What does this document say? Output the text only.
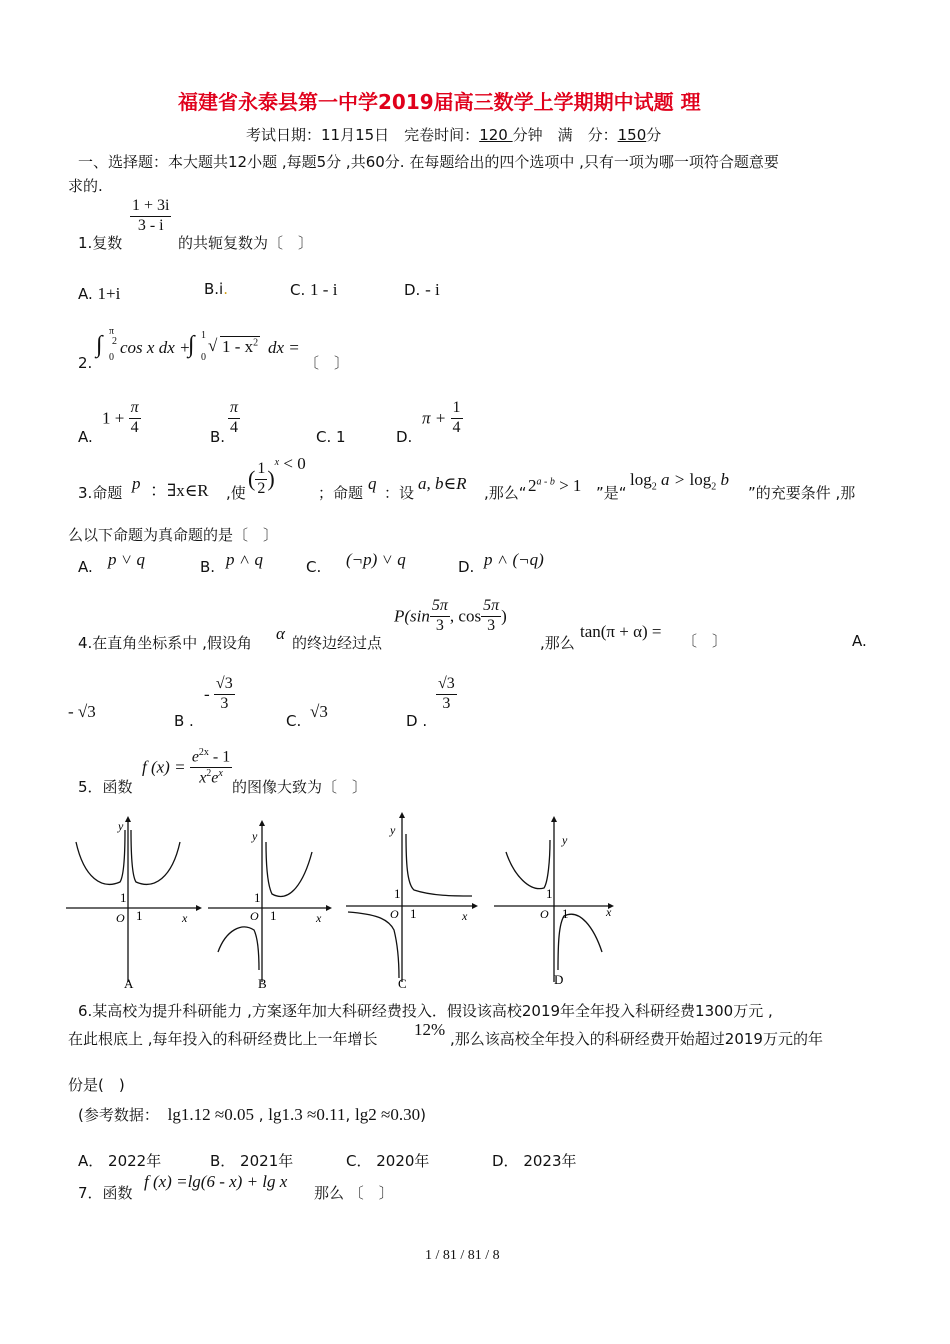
福建省永泰县第一中学2019届高三数学上学期期中试题 理
考试日期：11月15日　完卷时间：120 分钟　满　分：150分
一、选择题：本大题共12小题 ,每题5分 ,共60分. 在每题给出的四个选项中 ,只有一项为哪一项符合题意要
求的.
$\frac{1 + 3i}{3 - i}$
1.复数	的共轭复数为〔　〕
A. 1+i	B.i.	C. 1 - i	D. - i
2.
∫
π
2
0
cos x dx +
∫ 1
0
√ $1 - x^2$ dx =
〔　〕
A.
$1 + \frac{\pi}{4}$
B.
$\frac{\pi}{4}$
C. 1	D.
$\pi + \frac{1}{4}$
3.命题 p ：∃x∈R ,使
( $\frac{1}{2} )^x < 0$
；命题 q ：设 a, b∈R ,那么“ $2^{a - b} > 1$ ”是“
$\log_2 a > \log_2 b$
”的充要条件 ,那
么以下命题为真命题的是〔　〕
A. p ˅ q	B. p ˄ q	C. (¬p) ˅ q	D. p ˄ (¬q)
4.在直角坐标系中 ,假设角 α 的终边经过点
$P(\sin \frac{5\pi}{3}$ , $\cos \frac{5\pi}{3}$ )
,那么
tan(π + α) = 〔　〕	A.
- √3	B .
- $\frac{√3}{3}$
C. √3	D .
$\frac{√3}{3}$
5．函数
f $(x) = \frac{e^{2x} - 1}{x^2e^x}$ 的图像大致为〔　〕
y
x
O
1
1
A
y
x
O
1
1
B
y
x
O
1
1
C
y
x
O
1
1
D
6.某高校为提升科研能力 ,方案逐年加大科研经费投入．假设该高校2019年全年投入科研经费1300万元 ,
在此根底上 ,每年投入的科研经费比上一年增长 12% ,那么该高校全年投入的科研经费开始超过2019万元的年
份是(　)
(参考数据： lg1.12 ≈0.05 , lg1.3 ≈0.11, lg2 ≈0.30)
A． 2022年	B． 2021年	C． 2020年	D． 2023年
7．函数
f (x) =lg(6 - x) + lg x
那么 〔　〕
1 / 81 / 81 / 8
